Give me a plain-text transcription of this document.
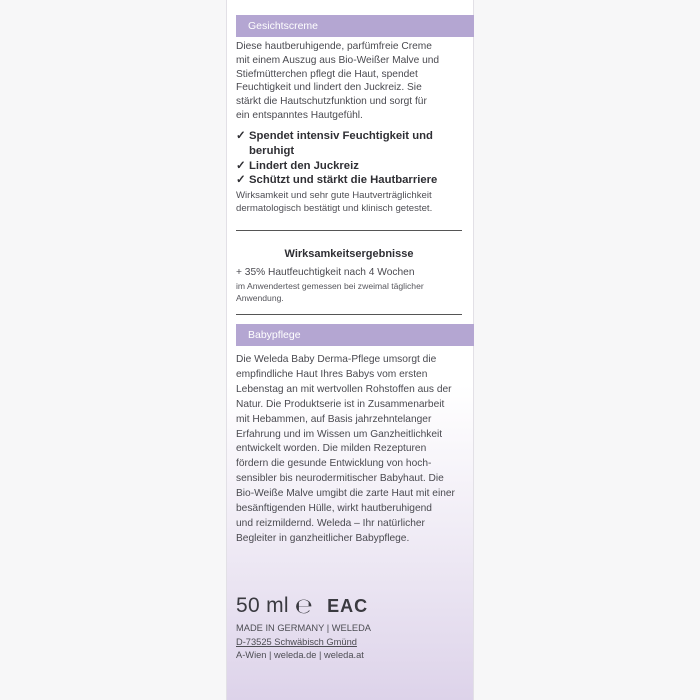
Gesichtscreme
Diese hautberuhigende, parfümfreie Creme
mit einem Auszug aus Bio-Weißer Malve und
Stiefmütterchen pflegt die Haut, spendet
Feuchtigkeit und lindert den Juckreiz. Sie
stärkt die Hautschutzfunktion und sorgt für
ein entspanntes Hautgefühl.
✓ Spendet intensiv Feuchtigkeit und
beruhigt
✓ Lindert den Juckreiz
✓ Schützt und stärkt die Hautbarriere
Wirksamkeit und sehr gute Hautverträglichkeit
dermatologisch bestätigt und klinisch getestet.
Wirksamkeitsergebnisse
+ 35% Hautfeuchtigkeit nach 4 Wochen
im Anwendertest gemessen bei zweimal täglicher
Anwendung.
Babypflege
Die Weleda Baby Derma-Pflege umsorgt die
empfindliche Haut Ihres Babys vom ersten
Lebenstag an mit wertvollen Rohstoffen aus der
Natur. Die Produktserie ist in Zusammenarbeit
mit Hebammen, auf Basis jahrzehntelanger
Erfahrung und im Wissen um Ganzheitlichkeit
entwickelt worden. Die milden Rezepturen
fördern die gesunde Entwicklung von hoch-
sensibler bis neurodermitischer Babyhaut. Die
Bio-Weiße Malve umgibt die zarte Haut mit einer
besänftigenden Hülle, wirkt hautberuhigend
und reizmildernd. Weleda – Ihr natürlicher
Begleiter in ganzheitlicher Babypflege.
50 ml ℮ EAC
MADE IN GERMANY | WELEDA
D-73525 Schwäbisch Gmünd
A-Wien | weleda.de | weleda.at
